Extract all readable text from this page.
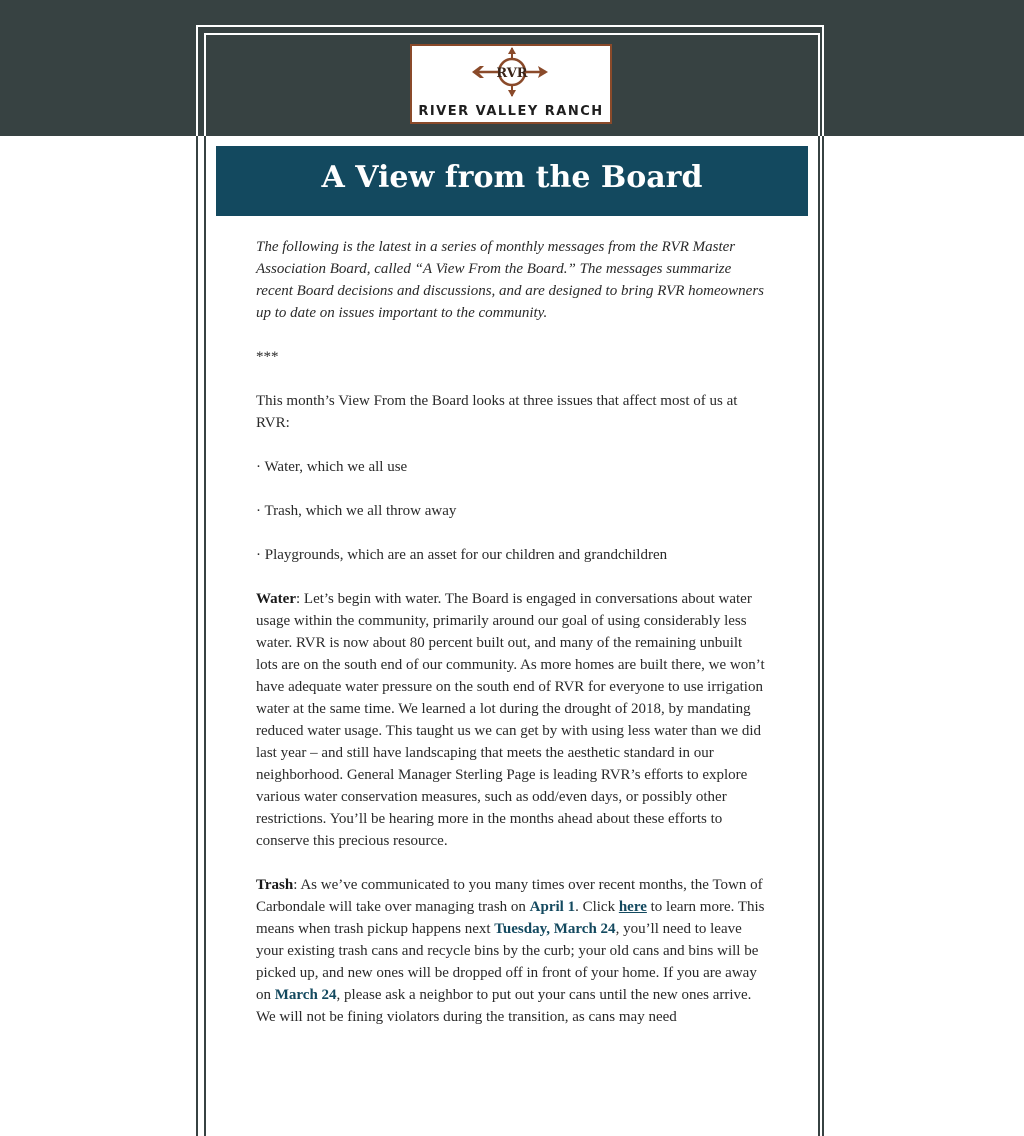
RVR
RIVER VALLEY RANCH
A View from the Board

The following is the latest in a series of monthly messages from the RVR Master Association Board, called “A View From the Board.” The messages summarize recent Board decisions and discussions, and are designed to bring RVR homeowners up to date on issues important to the community.

***

This month’s View From the Board looks at three issues that affect most of us at RVR:

· Water, which we all use

· Trash, which we all throw away

· Playgrounds, which are an asset for our children and grandchildren

Water: Let’s begin with water. The Board is engaged in conversations about water usage within the community, primarily around our goal of using considerably less water. RVR is now about 80 percent built out, and many of the remaining unbuilt lots are on the south end of our community. As more homes are built there, we won’t have adequate water pressure on the south end of RVR for everyone to use irrigation water at the same time. We learned a lot during the drought of 2018, by mandating reduced water usage. This taught us we can get by with using less water than we did last year – and still have landscaping that meets the aesthetic standard in our neighborhood. General Manager Sterling Page is leading RVR’s efforts to explore various water conservation measures, such as odd/even days, or possibly other restrictions. You’ll be hearing more in the months ahead about these efforts to conserve this precious resource.

Trash: As we’ve communicated to you many times over recent months, the Town of Carbondale will take over managing trash on April 1. Click here to learn more. This means when trash pickup happens next Tuesday, March 24, you’ll need to leave your existing trash cans and recycle bins by the curb; your old cans and bins will be picked up, and new ones will be dropped off in front of your home. If you are away on March 24, please ask a neighbor to put out your cans until the new ones arrive. We will not be fining violators during the transition, as cans may need
